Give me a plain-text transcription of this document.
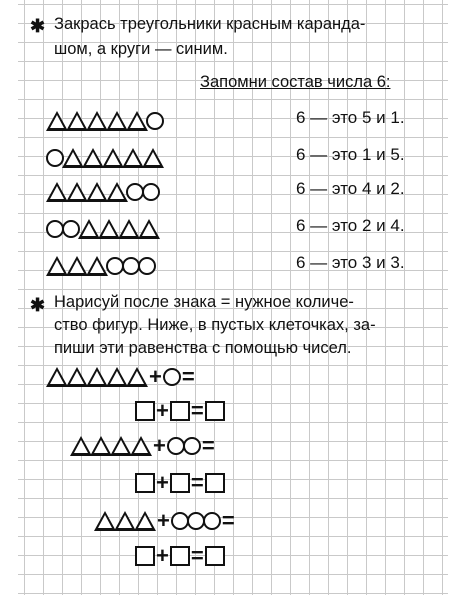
✱ Закрась треугольники красным каранда-
шом, а круги — синим.
Запомни состав числа 6:
6 — это 5 и 1.
6 — это 1 и 5.
6 — это 4 и 2.
6 — это 2 и 4.
6 — это 3 и 3.
✱ Нарисуй после знака = нужное количе-
ство фигур. Ниже, в пустых клеточках, за-
пиши эти равенства с помощью чисел.
+ =
+ =
+ =
+ =
+ =
+ =
